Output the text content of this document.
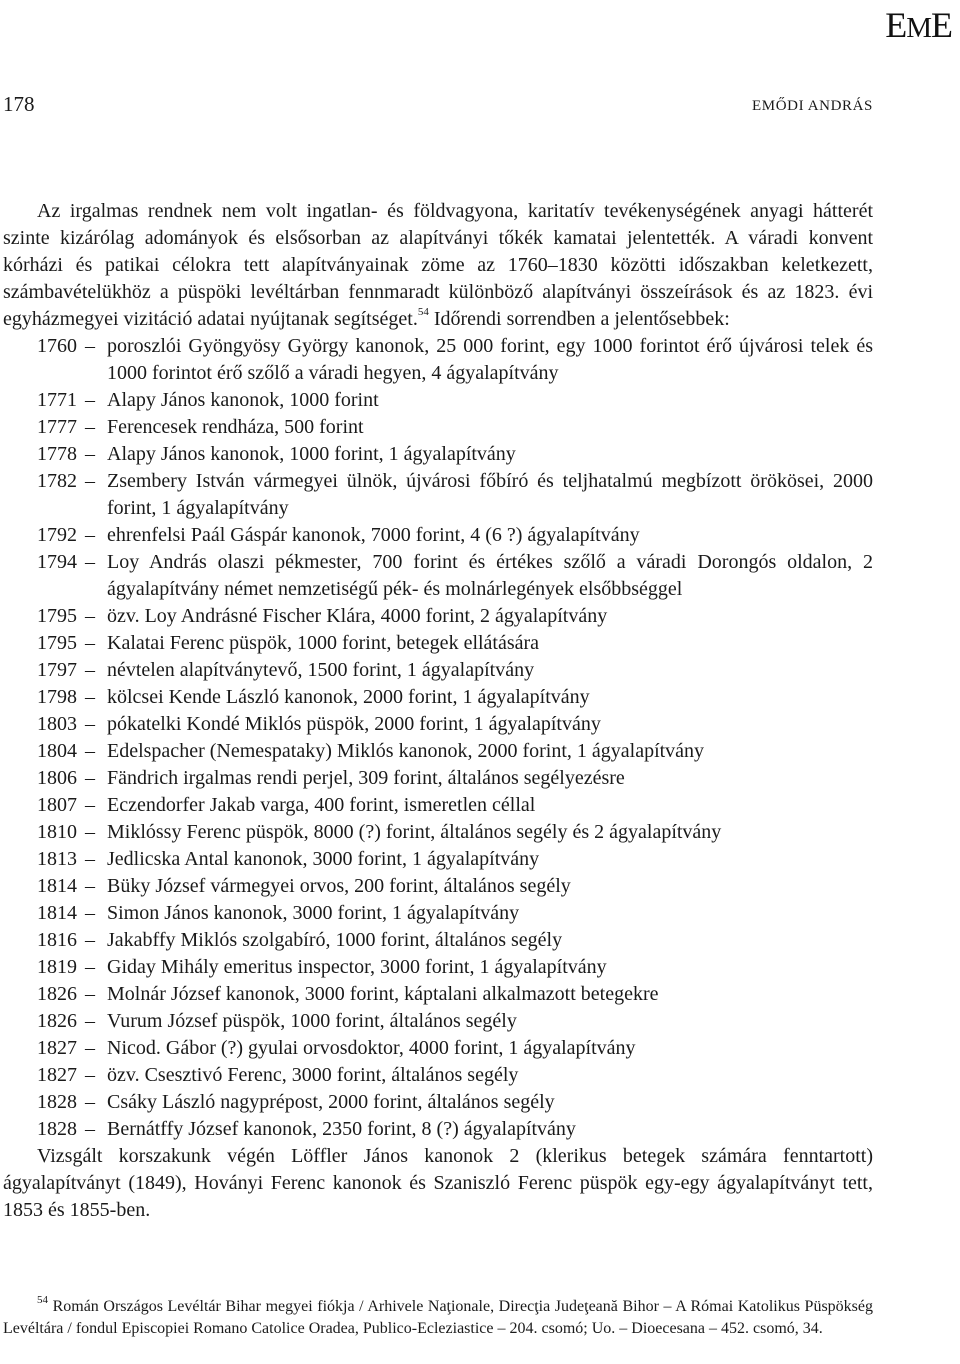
EME
178	EMŐDI ANDRÁS

Az irgalmas rendnek nem volt ingatlan- és földvagyona, karitatív tevékenységének anyagi hátterét szinte kizárólag adományok és elsősorban az alapítványi tőkék kamatai jelentették. A váradi konvent kórházi és patikai célokra tett alapítványainak zöme az 1760–1830 közötti időszakban keletkezett, számbavételükhöz a püspöki levéltárban fennmaradt különböző alapítványi összeírások és az 1823. évi egyházmegyei vizitáció adatai nyújtanak segítséget.$^{54}$ Időrendi sorrendben a jelentősebbek:

1760 – poroszlói Gyöngyösy György kanonok, 25 000 forint, egy 1000 forintot érő újvárosi telek és 1000 forintot érő szőlő a váradi hegyen, 4 ágyalapítvány
1771 – Alapy János kanonok, 1000 forint
1777 – Ferencesek rendháza, 500 forint
1778 – Alapy János kanonok, 1000 forint, 1 ágyalapítvány
1782 – Zsembery István vármegyei ülnök, újvárosi főbíró és teljhatalmú megbízott örökösei, 2000 forint, 1 ágyalapítvány
1792 – ehrenfelsi Paál Gáspár kanonok, 7000 forint, 4 (6 ?) ágyalapítvány
1794 – Loy András olaszi pékmester, 700 forint és értékes szőlő a váradi Dorongós oldalon, 2 ágyalapítvány német nemzetiségű pék- és molnárlegények elsőbbséggel
1795 – özv. Loy Andrásné Fischer Klára, 4000 forint, 2 ágyalapítvány
1795 – Kalatai Ferenc püspök, 1000 forint, betegek ellátására
1797 – névtelen alapítványtevő, 1500 forint, 1 ágyalapítvány
1798 – kölcsei Kende László kanonok, 2000 forint, 1 ágyalapítvány
1803 – pókatelki Kondé Miklós püspök, 2000 forint, 1 ágyalapítvány
1804 – Edelspacher (Nemespataky) Miklós kanonok, 2000 forint, 1 ágyalapítvány
1806 – Fändrich irgalmas rendi perjel, 309 forint, általános segélyezésre
1807 – Eczendorfer Jakab varga, 400 forint, ismeretlen céllal
1810 – Miklóssy Ferenc püspök, 8000 (?) forint, általános segély és 2 ágyalapítvány
1813 – Jedlicska Antal kanonok, 3000 forint, 1 ágyalapítvány
1814 – Büky József vármegyei orvos, 200 forint, általános segély
1814 – Simon János kanonok, 3000 forint, 1 ágyalapítvány
1816 – Jakabffy Miklós szolgabíró, 1000 forint, általános segély
1819 – Giday Mihály emeritus inspector, 3000 forint, 1 ágyalapítvány
1826 – Molnár József kanonok, 3000 forint, káptalani alkalmazott betegekre
1826 – Vurum József püspök, 1000 forint, általános segély
1827 – Nicod. Gábor (?) gyulai orvosdoktor, 4000 forint, 1 ágyalapítvány
1827 – özv. Csesztivó Ferenc, 3000 forint, általános segély
1828 – Csáky László nagyprépost, 2000 forint, általános segély
1828 – Bernátffy József kanonok, 2350 forint, 8 (?) ágyalapítvány

Vizsgált korszakunk végén Löffler János kanonok 2 (klerikus betegek számára fenntartott) ágyalapítványt (1849), Hoványi Ferenc kanonok és Szaniszló Ferenc püspök egy-egy ágyalapítványt tett, 1853 és 1855-ben.

$^{54}$ Román Országos Levéltár Bihar megyei fiókja / Arhivele Naţionale, Direcţia Judeţeană Bihor – A Római Katolikus Püspökség Levéltára / fondul Episcopiei Romano Catolice Oradea, Publico-Ecleziastice – 204. csomó; Uo. – Dioecesana – 452. csomó, 34.
